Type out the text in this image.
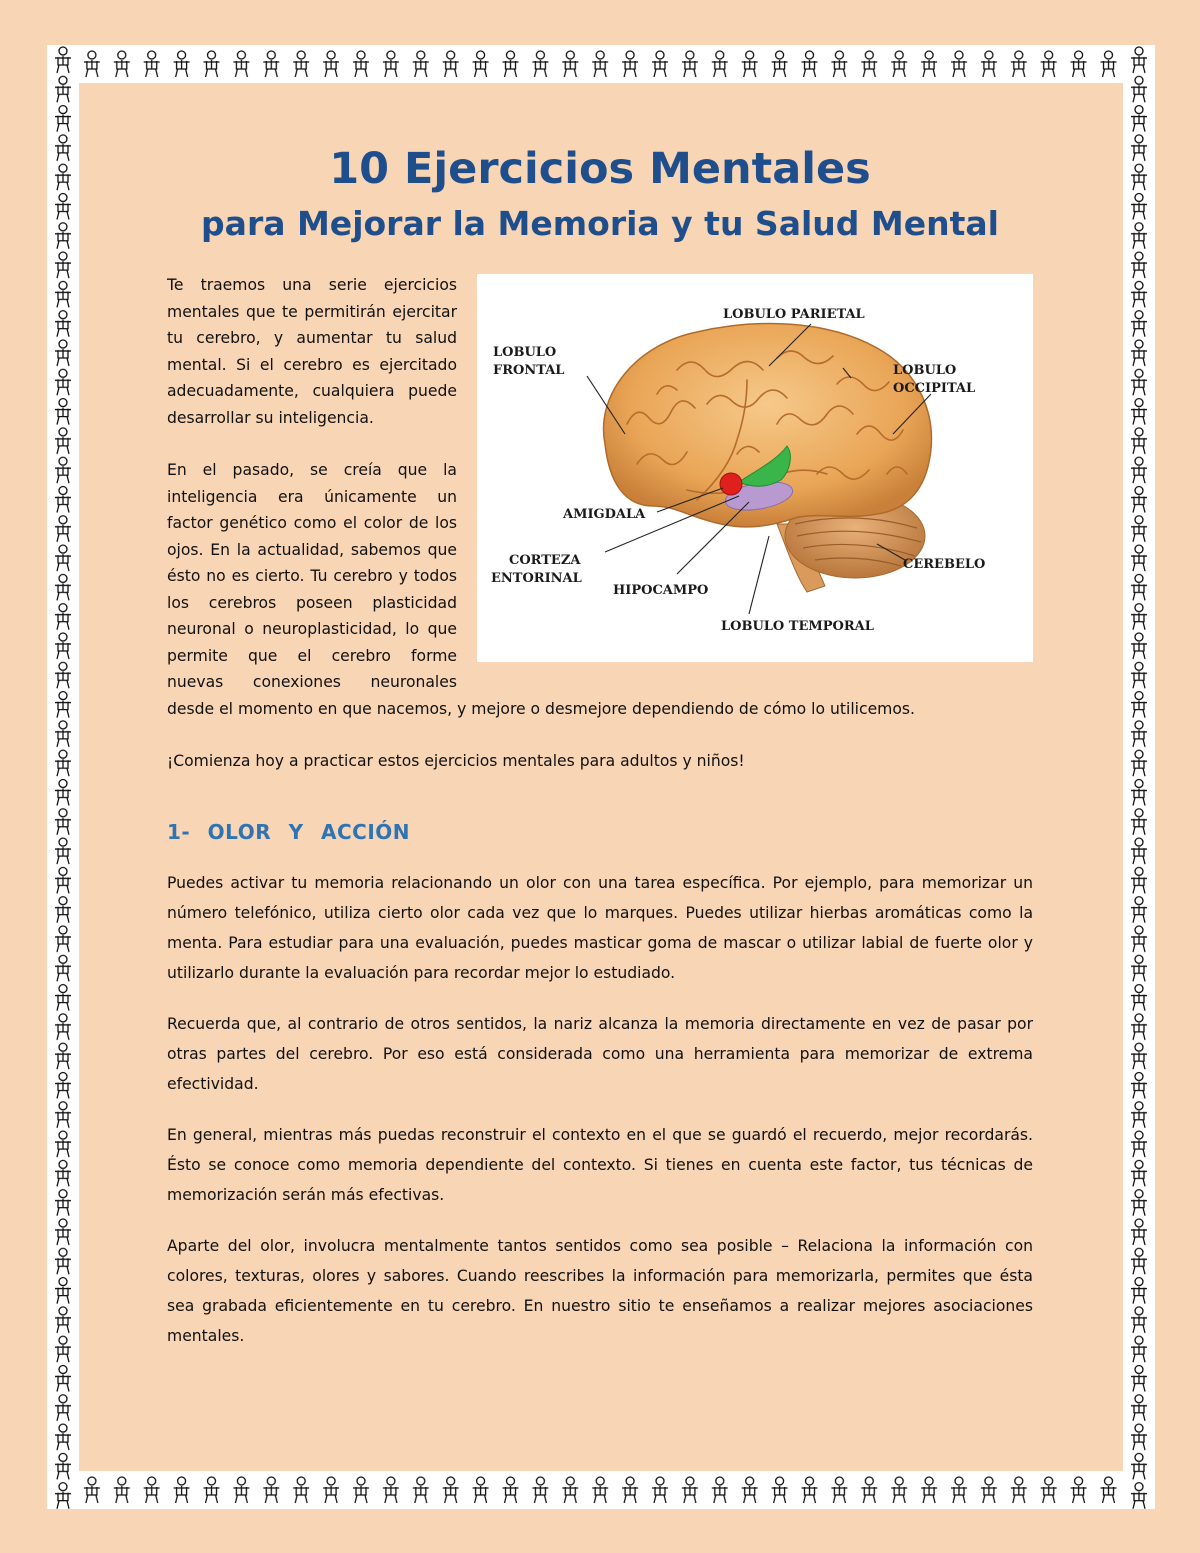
10 Ejercicios Mentales
para Mejorar la Memoria y tu Salud Mental
LOBULO PARIETAL
LOBULO
FRONTAL	LOBULO
OCCIPITAL
AMIGDALA
CORTEZA
ENTORINAL
HIPOCAMPO
CEREBELO
LOBULO TEMPORAL

Te traemos una serie ejercicios mentales que te permitirán ejercitar tu cerebro, y aumentar tu salud mental. Si el cerebro es ejercitado adecuadamente, cualquiera puede desarrollar su inteligencia.

En el pasado, se creía que la inteligencia era únicamente un factor genético como el color de los ojos. En la actualidad, sabemos que ésto no es cierto. Tu cerebro y todos los cerebros poseen plasticidad neuronal o neuroplasticidad, lo que permite que el cerebro forme nuevas conexiones neuronales desde el momento en que nacemos, y mejore o desmejore dependiendo de cómo lo utilicemos.

¡Comienza hoy a practicar estos ejercicios mentales para adultos y niños!

1- OLOR Y ACCIÓN

Puedes activar tu memoria relacionando un olor con una tarea específica. Por ejemplo, para memorizar un número telefónico, utiliza cierto olor cada vez que lo marques. Puedes utilizar hierbas aromáticas como la menta. Para estudiar para una evaluación, puedes masticar goma de mascar o utilizar labial de fuerte olor y utilizarlo durante la evaluación para recordar mejor lo estudiado.

Recuerda que, al contrario de otros sentidos, la nariz alcanza la memoria directamente en vez de pasar por otras partes del cerebro. Por eso está considerada como una herramienta para memorizar de extrema efectividad.

En general, mientras más puedas reconstruir el contexto en el que se guardó el recuerdo, mejor recordarás. Ésto se conoce como memoria dependiente del contexto. Si tienes en cuenta este factor, tus técnicas de memorización serán más efectivas.

Aparte del olor, involucra mentalmente tantos sentidos como sea posible – Relaciona la información con colores, texturas, olores y sabores. Cuando reescribes la información para memorizarla, permites que ésta sea grabada eficientemente en tu cerebro. En nuestro sitio te enseñamos a realizar mejores asociaciones mentales.
